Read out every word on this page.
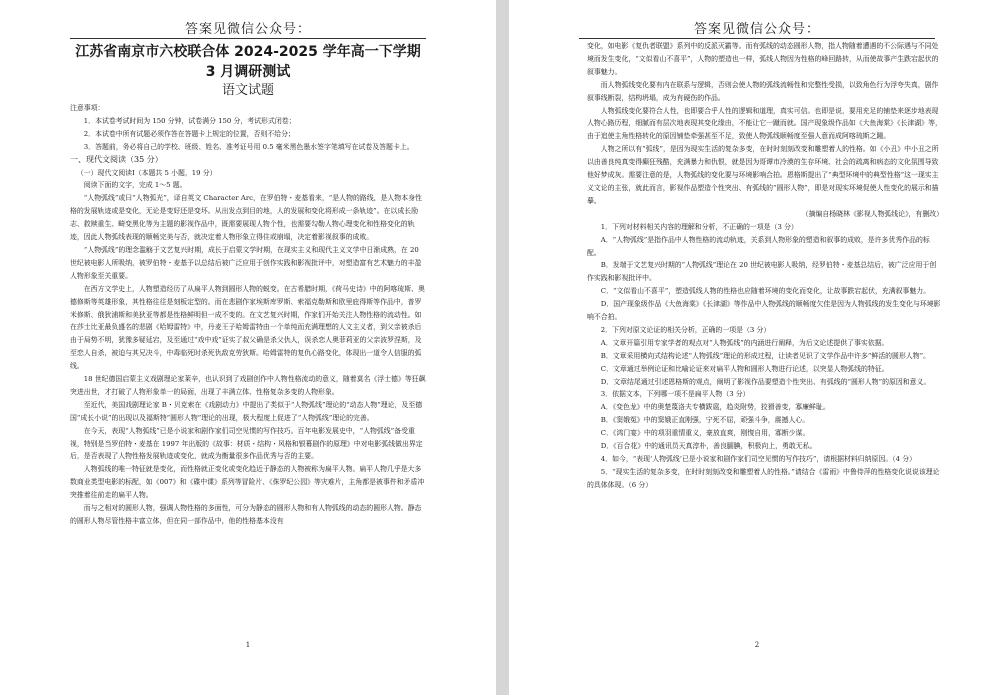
答案见微信公众号：
江苏省南京市六校联合体 2024-2025 学年高一下学期 3 月调研测试
语文试题

注意事项：

1．本试卷考试时间为 150 分钟，试卷满分 150 分，考试形式闭卷；

2．本试卷中所有试题必须作答在答题卡上规定的位置，否则不给分；

3．答题前，务必将自己的学校、班级、姓名、准考证号用 0.5 毫米黑色墨水签字笔填写在试卷及答题卡上。

一、现代文阅读（35 分）

（一）现代文阅读Ⅰ（本题共 5 小题，19 分）

阅读下面的文字，完成 1～5 题。

“人物弧线”或曰“人物弧光”，译自英文 Character Arc，在罗伯特・麦基看来，“是人物的路线，是人物本身性格的发展轨迹或是变化，无论是变好还是变坏。从出发点到目的地，人的发展和变化将形成一条轨迹”。在以成长励志、救赎重生、畸变黑化等为主题的影视作品中，既需要展现人物个性，也需要勾勒人物心理变化和性格变化的轨迹，因此人物弧线表现的顺畅完美与否，就决定着人物形象立得住或崩塌，决定着影视叙事的成败。

“人物弧线”的理念滥觞于文艺复兴时期，成长于启蒙文学时期，在现实主义和现代主义文学中日渐成熟，在 20 世纪被电影人所吸纳，被罗伯特・麦基予以总结后被广泛应用于创作实践和影视批评中，对塑造富有艺术魅力的丰盈人物形象至关重要。

在西方文学史上，人物塑造经历了从扁平人物到圆形人物的蜕变。在古希腊时期，《荷马史诗》中的阿喀琉斯、奥德修斯等英雄形象，其性格往往是刻板定型的。而在悲剧作家埃斯库罗斯、索福克勒斯和欧里庇得斯等作品中，普罗米修斯、俄狄浦斯和美狄亚等都是性格鲜明但一成不变的。在文艺复兴时期，作家们开始关注人物性格的流动性。如在莎士比亚最负盛名的悲剧《哈姆雷特》中，丹麦王子哈姆雷特由一个单纯而充满理想的人文主义者，到父亲被杀后由于局势不明，犹豫多疑延宕，及至通过“戏中戏”证实了叔父确是杀父仇人，误杀恋人奥菲莉亚的父亲波罗涅斯，及至恋人自杀，被迫与其兄决斗，中毒临死时杀死仇敌克劳狄斯。哈姆雷特的复仇心路变化，体现出一道令人信服的弧线。

18 世纪德国启蒙主义戏剧理论家莱辛，也认识到了戏剧创作中人物性格流动的意义，随着莫名《浮士德》等狂飙突进出世，才打破了人物形象单一的局面，出现了丰满立体、性格复杂多变的人物形象。

至近代，美国戏剧理论家 B・贝克索在《戏剧动力》中提出了类似于“人物弧线”理论的“动态人物”理论，及至德国“成长小说”的出现以及福斯特“圆形人物”理论的出现，极大程度上促进了“人物弧线”理论的完善。

在今天，表现“人物弧线”已是小说家和剧作家们司空见惯的写作技巧。百年电影发展史中，“人物弧线”备受重视，特别是当罗伯特・麦基在 1997 年出版的《故事：材质・结构・风格和银幕剧作的原理》中对电影弧线做出界定后，是否表现了人物性格发展轨迹或变化，就成为衡量很多作品优秀与否的主要。

人物弧线的唯一特征就是变化，而性格就正变化或变化趋近于静态的人物被称为扁平人物。扁平人物几乎是大多数商业类型电影的标配，如《007》和《碟中谍》系列等冒险片、《侏罗纪公园》等灾难片，主角都是被事件和矛盾冲突推着往前走的扁平人物。

而与之相对的圆形人物，强调人物性格的多面性，可分为静态的圆形人物和有人物弧线的动态的圆形人物。静态的圆形人物尽管性格丰富立体，但在同一部作品中，他的性格基本没有

1
答案见微信公众号：

变化，如电影《复仇者联盟》系列中的反派灭霸等。而有弧线的动态圆形人物，指人物随着遭遇的不公际遇与不同处境而发生变化，“文似看山不喜平”，人物的塑造也一样，弧线人物因为性格的峰回路转，从而使故事产生跌宕起伏的叙事魅力。

而人物弧线变化要有内在联系与逻辑，否则会使人物的弧线流畅性和完整性受损，以致角色行为浮夸失真，剧作叙事线断裂，结构坍塌，成为有硬伤的作品。

人物弧线变化要符合人性，也即要合乎人性的逻辑和道理，真实可信。也即是说，要用充足的铺垫来逐步地表现人物心路历程，细腻而有层次地表现其变化缘由，不能让它一蹴而就。国产现象级作品如《大鱼海棠》《长津湖》等，由于追使主角性格转化的原因铺垫牵强甚至不足，致使人物弧线顺畅度至强人意而成阿喀琉斯之踵。

人物之所以有“弧线”，是因为现实生活的复杂多变，在时时刻刻改变和雕塑着人的性格。如《小丑》中小丑之所以由善良纯真变得癫狂残酷，充满暴力和仇恨，就是因为哥谭市冷漠的生存环境、社会的疏离和病态的文化氛围导致他好梦成灰。需要注意的是，人物弧线的变化要与环境影响合拍。恩格斯提出了“典型环境中的典型性格”这一现实主义文论的主张，就此而言，影视作品塑造个性突出、有弧线的“圆形人物”，即是对现实环境促使人性变化的展示和描摹。

（摘编自杨晓林《影视人物弧线论》，有删改）

1．下列对材料相关内容的理解和分析，不正确的一项是（3 分）

A．“人物弧线”是指作品中人物性格的流动轨迹，关系到人物形象的塑造和叙事的成败，是许多优秀作品的标配。

B．发端于文艺复兴时期的“人物弧线”理论在 20 世纪被电影人吸纳，经罗伯特・麦基总结后，被广泛应用于创作实践和影视批评中。

C．“文似看山不喜平”，塑造弧线人物的性格也应随着环境的变化而变化，让故事跌宕起伏，充满叙事魅力。

D．国产现象级作品《大鱼海棠》《长津湖》等作品中人物弧线的顺畅度欠佳是因为人物弧线的发生变化与环境影响不合拍。

2．下列对原文论证的相关分析，正确的一项是（3 分）

A．文章开篇引用专家学者的观点对“人物弧线”的内涵进行阐释，为后文论述提供了事实依据。

B．文章采用横向式结构论述“人物弧线”理论的形成过程，让读者见识了文学作品中许多“鲜活的圆形人物”。

C．文章通过举例论证和比喻论证来对扁平人物和圆形人物进行论述，以突显人物弧线的特征。

D．文章结尾通过引述恩格斯的观点，阐明了影视作品要塑造个性突出、有弧线的“圆形人物”的原因和意义。

3．依据文本，下列哪一项不是扁平人物（3 分）

A．《变色龙》中的奥楚蔑洛夫专横跋扈，趋炎附势，狡猾善变，寡廉鲜耻。

B．《窦娥冤》中的窦娥正直刚强，宁死不屈，顽强斗争，震撼人心。

C．《鸿门宴》中的项羽重情重义，豪放直爽，刚愎自用，寡断少谋。

D．《百合花》中的通讯员天真淳朴，善良腼腆，积极向上，勇敢无私。

4．如今，“表现‘人物弧线’已是小说家和剧作家们司空见惯的写作技巧”，请根据材料归纳原因。（4 分）

5．“现实生活的复杂多变，在时时刻刻改变和雕塑着人的性格。”请结合《雷雨》中鲁侍萍的性格变化说说该理论的具体体现。（6 分）

2
